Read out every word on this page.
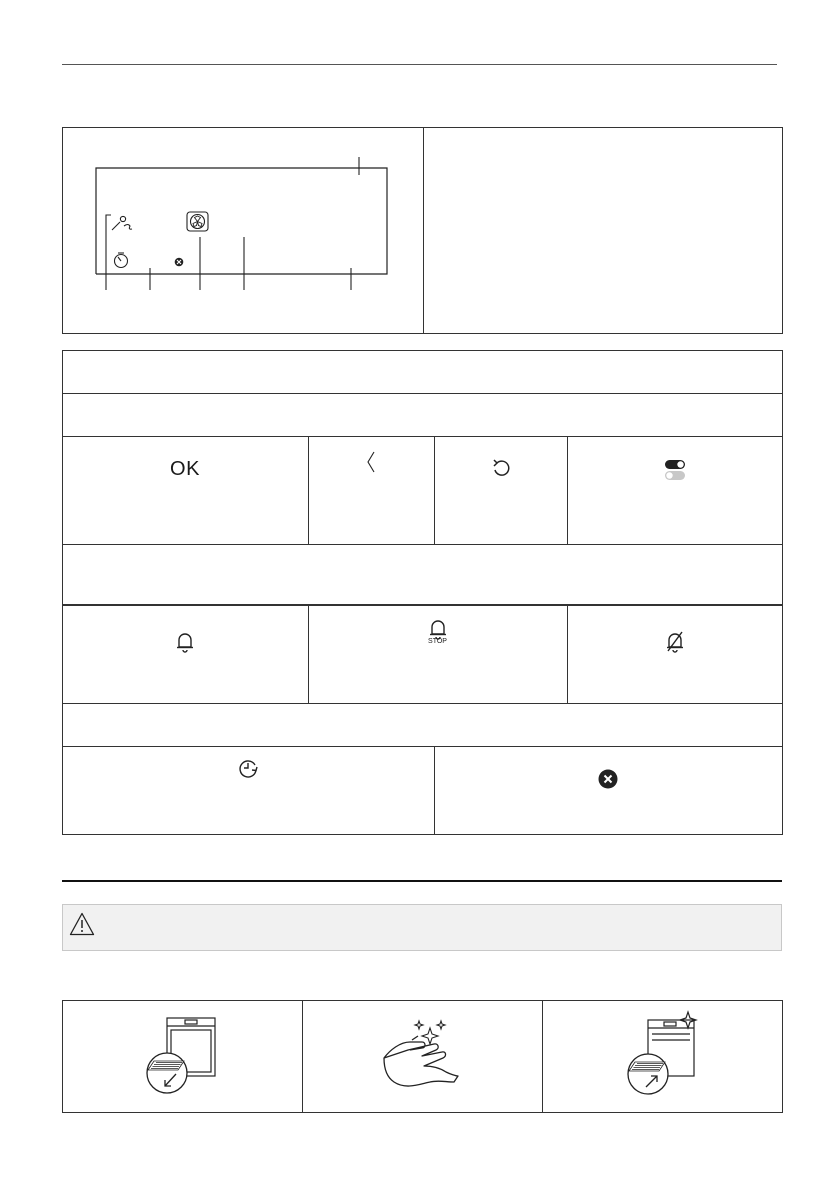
OK
STOP
